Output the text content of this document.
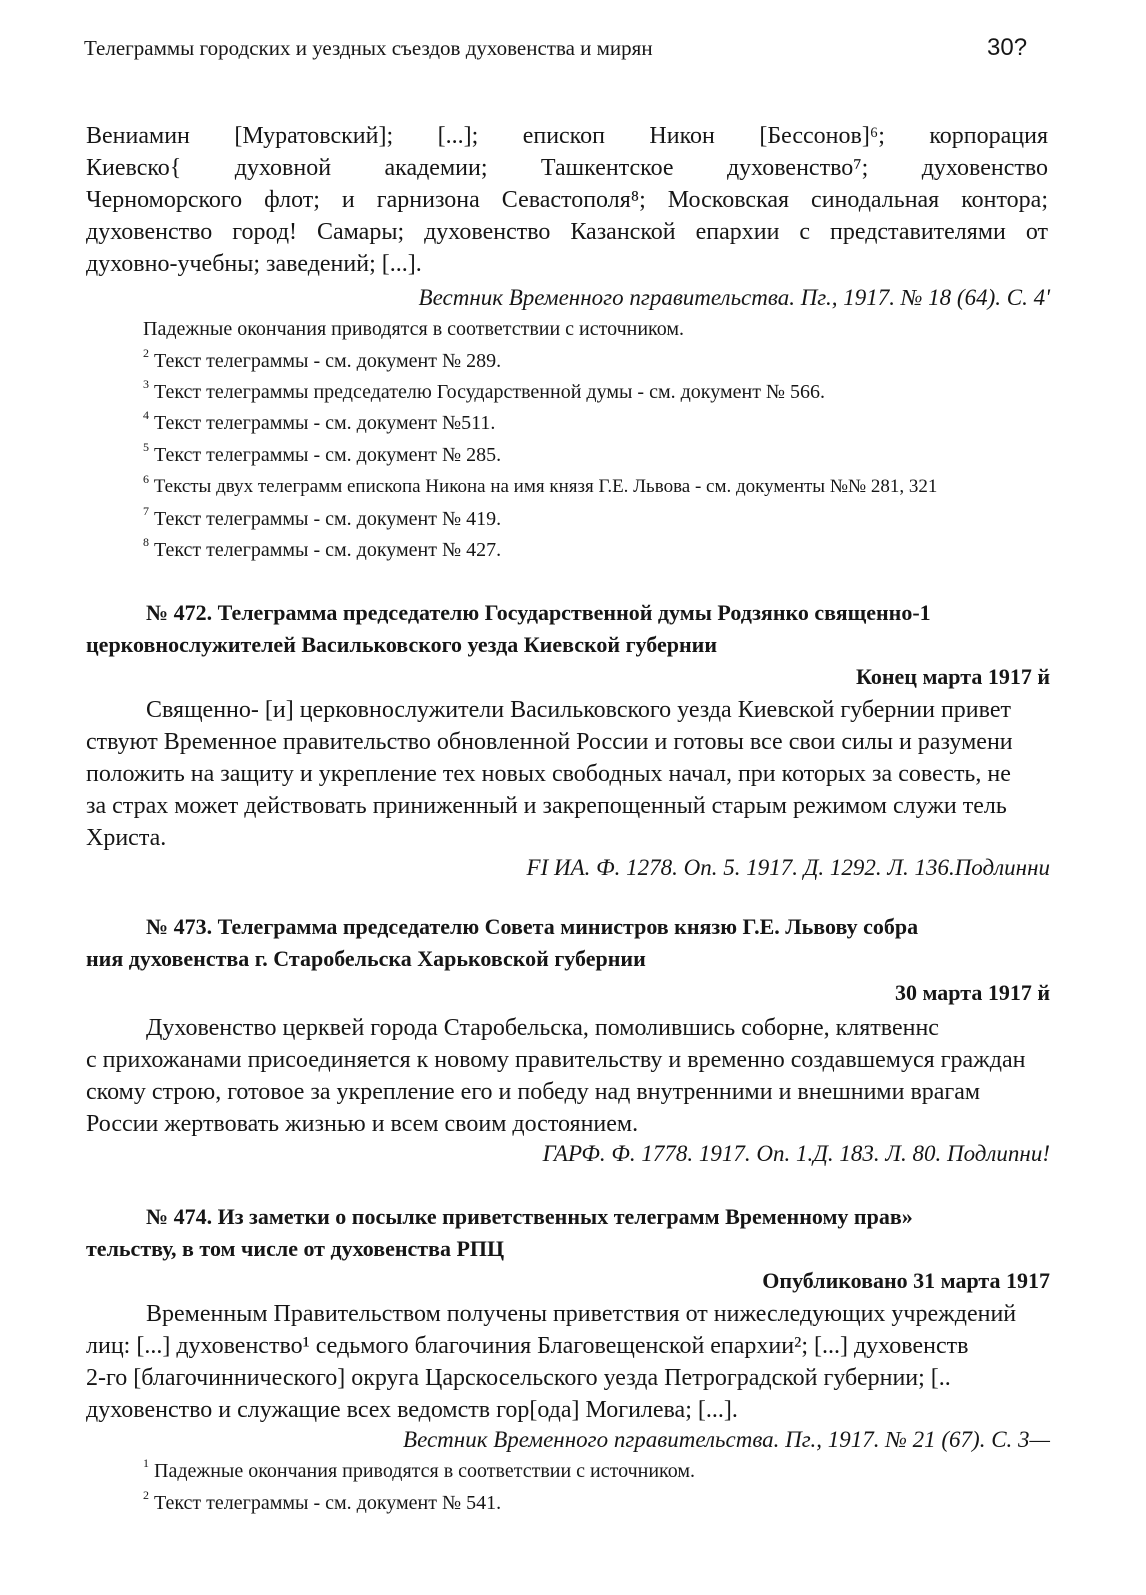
Телеграммы городских и уездных съездов духовенства и мирян	30?
Вениамин [Муратовский]; [...]; епископ Никон [Бессонов]⁶; корпорация
Киевско{ духовной академии; Ташкентское духовенство⁷; духовенство
Черноморского флот; и гарнизона Севастополя⁸; Московская синодальная контора;
духовенство город! Самары; духовенство Казанской епархии с представителями от
духовно-учебны; заведений; [...].
Вестник Временного пгравительства. Пг., 1917. № 18 (64). С. 4'
Падежные окончания приводятся в соответствии с источником.
$^2$ Текст телеграммы - см. документ № 289.
$^3$ Текст телеграммы председателю Государственной думы - см. документ № 566.
$^4$ Текст телеграммы - см. документ №511.
$^5$ Текст телеграммы - см. документ № 285.
$^6$ Тексты двух телеграмм епископа Никона на имя князя Г.Е. Львова - см. документы №№ 281, 321
$^7$ Текст телеграммы - см. документ № 419.
$^8$ Текст телеграммы - см. документ № 427.
№ 472. Телеграмма председателю Государственной думы Родзянко священно-1
церковнослужителей Васильковского уезда Киевской губернии
Конец марта 1917 й
Священно- [и] церковнослужители Васильковского уезда Киевской губернии привет
ствуют Временное правительство обновленной России и готовы все свои силы и разумени
положить на защиту и укрепление тех новых свободных начал, при которых за совесть, не
за страх может действовать приниженный и закрепощенный старым режимом служи тель
Христа.
FI ИА. Ф. 1278. Оп. 5. 1917. Д. 1292. Л. 136.Подлинни
№ 473. Телеграмма председателю Совета министров князю Г.Е. Львову собра
ния духовенства г. Старобельска Харьковской губернии
30 марта 1917 й
Духовенство церквей города Старобельска, помолившись соборне, клятвеннс
с прихожанами присоединяется к новому правительству и временно создавшемуся граждан
скому строю, готовое за укрепление его и победу над внутренними и внешними врагам
России жертвовать жизнью и всем своим достоянием.
ГАРФ. Ф. 1778. 1917. Оп. 1.Д. 183. Л. 80. Подлипни!
№ 474. Из заметки о посылке приветственных телеграмм Временному прав»
тельству, в том числе от духовенства РПЦ
Опубликовано 31 марта 1917
Временным Правительством получены приветствия от нижеследующих учреждений
лиц: [...] духовенство¹ седьмого благочиния Благовещенской епархии²; [...] духовенств
2-го [благочиннического] округа Царскосельского уезда Петроградской губернии; [..
духовенство и служащие всех ведомств гор[ода] Могилева; [...].
Вестник Временного пгравительства. Пг., 1917. № 21 (67). С. 3—
$^1$ Падежные окончания приводятся в соответствии с источником.
$^2$ Текст телеграммы - см. документ № 541.
